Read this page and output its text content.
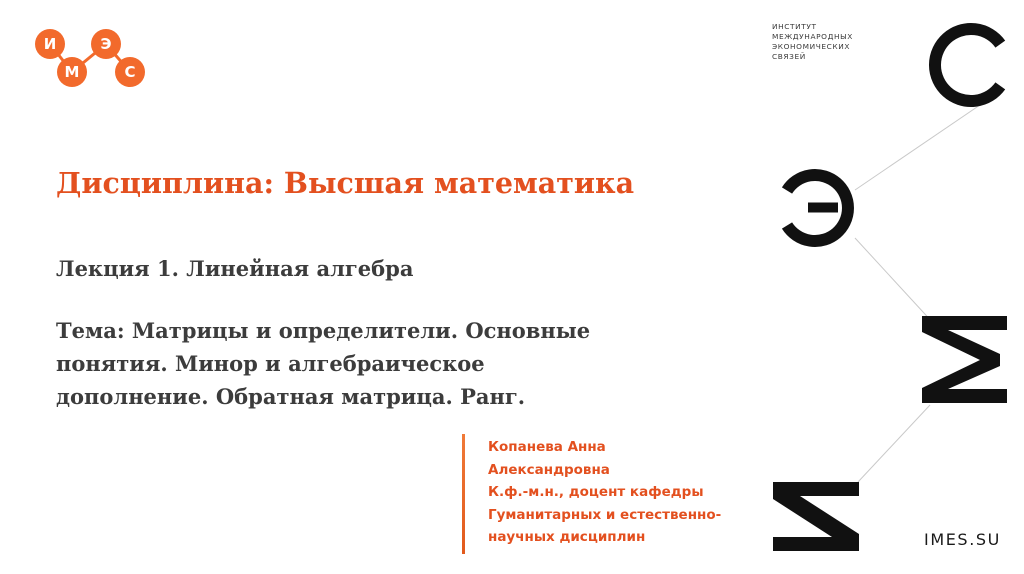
И
М
Э
С
ИНСТИТУТ
МЕЖДУНАРОДНЫХ
ЭКОНОМИЧЕСКИХ
СВЯЗЕЙ
Дисциплина: Высшая математика
Лекция 1. Линейная алгебра
Тема: Матрицы и определители. Основные
понятия. Минор и алгебраическое
дополнение. Обратная матрица. Ранг.
Копанева Анна
Александровна
К.ф.-м.н., доцент кафедры
Гуманитарных и естественно-
научных дисциплин	IMES.SU
